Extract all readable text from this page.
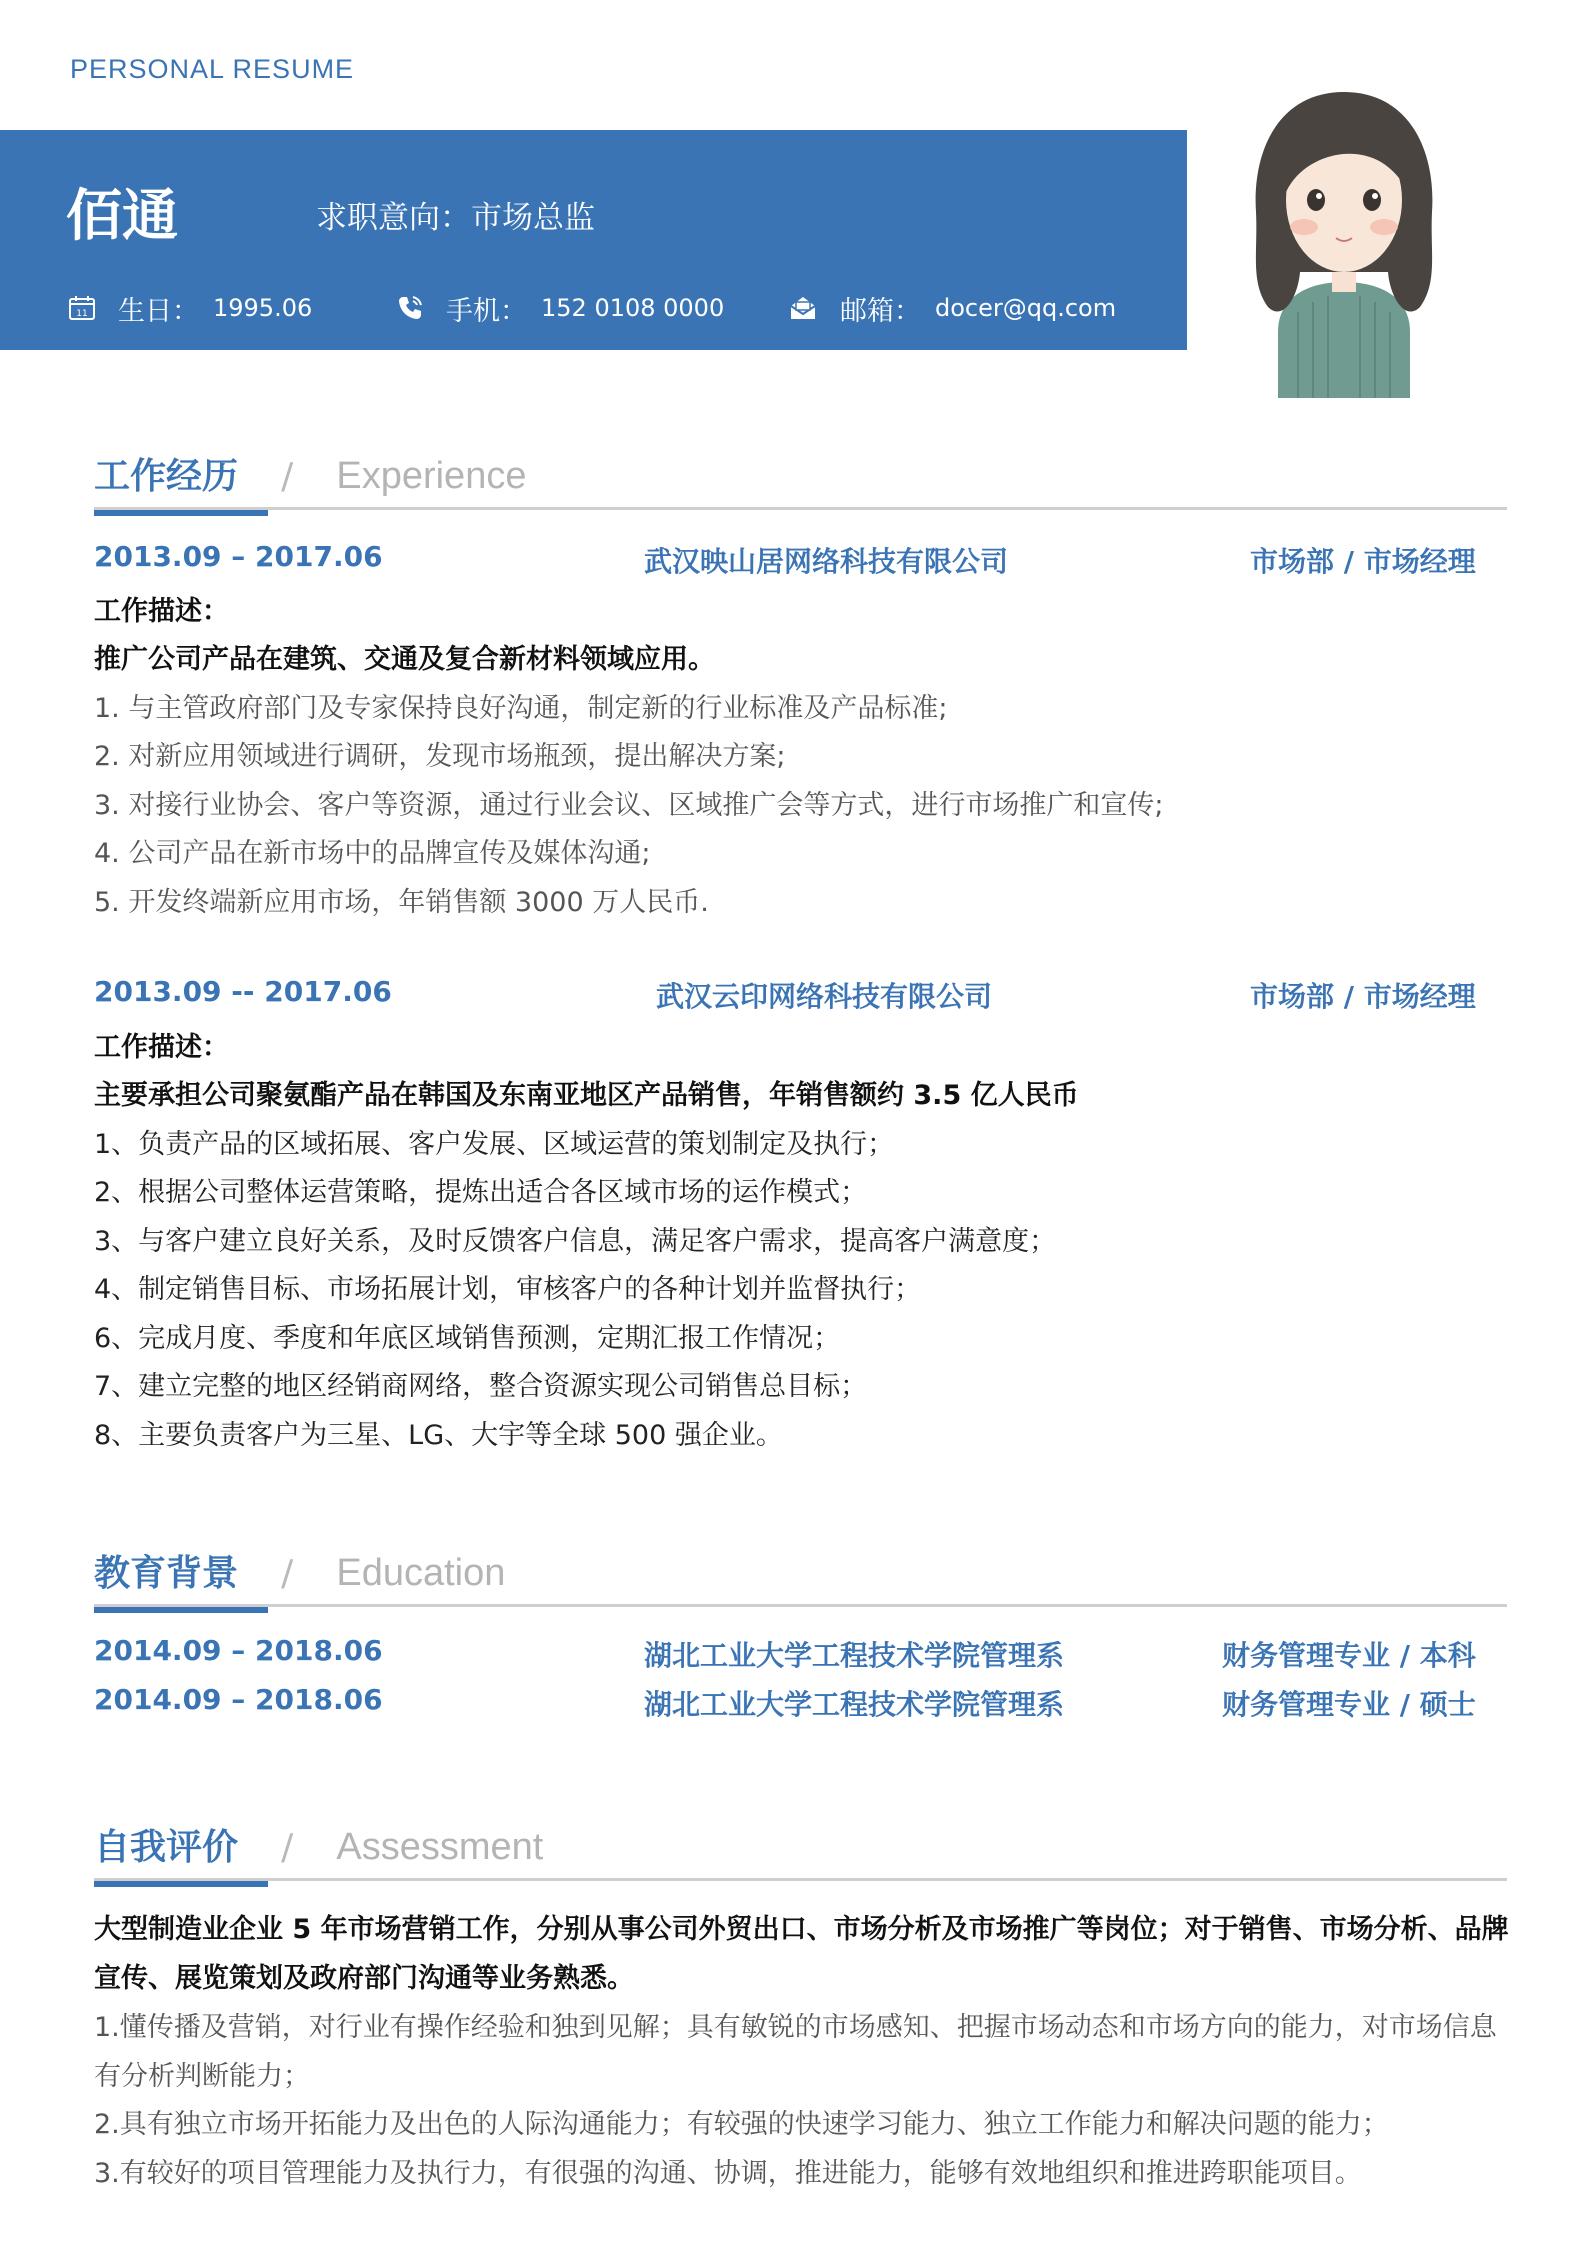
PERSONAL RESUME
佰通	求职意向：市场总监
11 生日： 1995.06	手机： 152 0108 0000	邮箱： docer@qq.com
工作经历 / Experience
2013.09 – 2017.06	武汉映山居网络科技有限公司	市场部 / 市场经理
工作描述：
推广公司产品在建筑、交通及复合新材料领域应用。
1. 与主管政府部门及专家保持良好沟通，制定新的行业标准及产品标准;
2. 对新应用领域进行调研，发现市场瓶颈，提出解决方案;
3. 对接行业协会、客户等资源，通过行业会议、区域推广会等方式，进行市场推广和宣传;
4. 公司产品在新市场中的品牌宣传及媒体沟通;
5. 开发终端新应用市场，年销售额 3000 万人民币.
2013.09 -- 2017.06	武汉云印网络科技有限公司	市场部 / 市场经理
工作描述：
主要承担公司聚氨酯产品在韩国及东南亚地区产品销售，年销售额约 3.5 亿人民币
1、负责产品的区域拓展、客户发展、区域运营的策划制定及执行；
2、根据公司整体运营策略，提炼出适合各区域市场的运作模式；
3、与客户建立良好关系，及时反馈客户信息，满足客户需求，提高客户满意度；
4、制定销售目标、市场拓展计划，审核客户的各种计划并监督执行；
6、完成月度、季度和年底区域销售预测，定期汇报工作情况；
7、建立完整的地区经销商网络，整合资源实现公司销售总目标；
8、主要负责客户为三星、LG、大宇等全球 500 强企业。
教育背景 / Education
2014.09 – 2018.06	湖北工业大学工程技术学院管理系	财务管理专业 / 本科
2014.09 – 2018.06	湖北工业大学工程技术学院管理系	财务管理专业 / 硕士
自我评价 / Assessment
大型制造业企业 5 年市场营销工作，分别从事公司外贸出口、市场分析及市场推广等岗位；对于销售、市场分析、品牌宣传、展览策划及政府部门沟通等业务熟悉。
1.懂传播及营销，对行业有操作经验和独到见解；具有敏锐的市场感知、把握市场动态和市场方向的能力，对市场信息有分析判断能力；
2.具有独立市场开拓能力及出色的人际沟通能力；有较强的快速学习能力、独立工作能力和解决问题的能力；
3.有较好的项目管理能力及执行力，有很强的沟通、协调，推进能力，能够有效地组织和推进跨职能项目。
